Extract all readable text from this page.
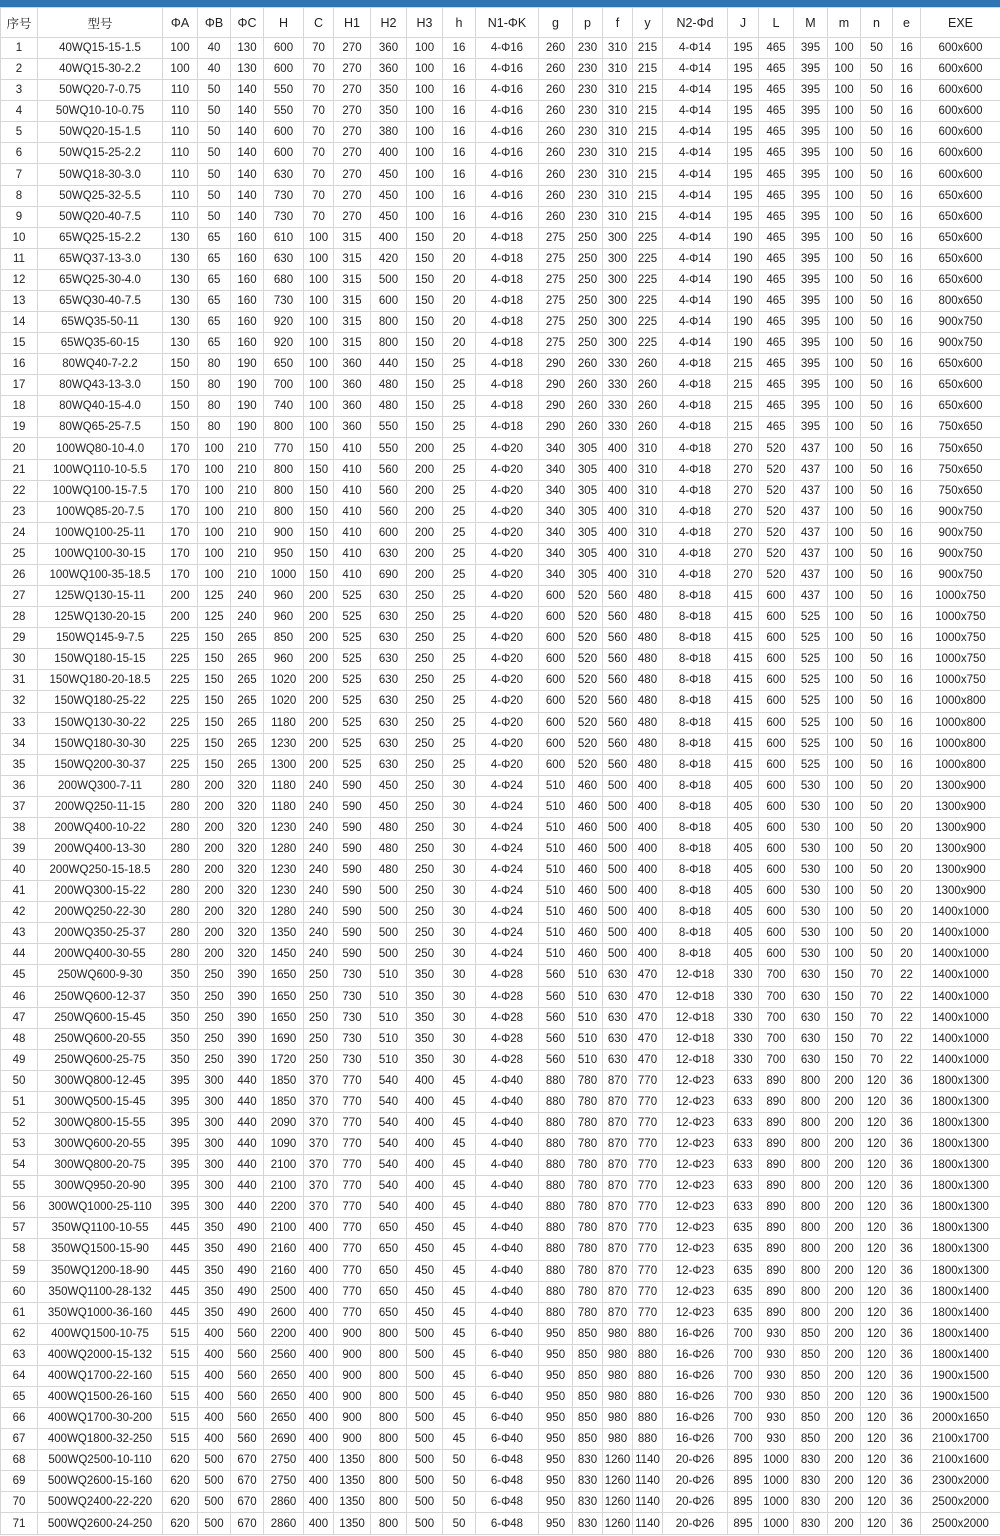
序号	型号	ΦA	ΦB	ΦC	H	C	H1	H2	H3	h	N1-ΦK	g	p	f	y	N2-Φd	J	L	M	m	n	e	EXE
1	40WQ15-15-1.5	100	40	130	600	70	270	360	100	16	4-Φ16	260	230	310	215	4-Φ14	195	465	395	100	50	16	600x600
2	40WQ15-30-2.2	100	40	130	600	70	270	360	100	16	4-Φ16	260	230	310	215	4-Φ14	195	465	395	100	50	16	600x600
3	50WQ20-7-0.75	110	50	140	550	70	270	350	100	16	4-Φ16	260	230	310	215	4-Φ14	195	465	395	100	50	16	600x600
4	50WQ10-10-0.75	110	50	140	550	70	270	350	100	16	4-Φ16	260	230	310	215	4-Φ14	195	465	395	100	50	16	600x600
5	50WQ20-15-1.5	110	50	140	600	70	270	380	100	16	4-Φ16	260	230	310	215	4-Φ14	195	465	395	100	50	16	600x600
6	50WQ15-25-2.2	110	50	140	600	70	270	400	100	16	4-Φ16	260	230	310	215	4-Φ14	195	465	395	100	50	16	600x600
7	50WQ18-30-3.0	110	50	140	630	70	270	450	100	16	4-Φ16	260	230	310	215	4-Φ14	195	465	395	100	50	16	600x600
8	50WQ25-32-5.5	110	50	140	730	70	270	450	100	16	4-Φ16	260	230	310	215	4-Φ14	195	465	395	100	50	16	650x600
9	50WQ20-40-7.5	110	50	140	730	70	270	450	100	16	4-Φ16	260	230	310	215	4-Φ14	195	465	395	100	50	16	650x600
10	65WQ25-15-2.2	130	65	160	610	100	315	400	150	20	4-Φ18	275	250	300	225	4-Φ14	190	465	395	100	50	16	650x600
11	65WQ37-13-3.0	130	65	160	630	100	315	420	150	20	4-Φ18	275	250	300	225	4-Φ14	190	465	395	100	50	16	650x600
12	65WQ25-30-4.0	130	65	160	680	100	315	500	150	20	4-Φ18	275	250	300	225	4-Φ14	190	465	395	100	50	16	650x600
13	65WQ30-40-7.5	130	65	160	730	100	315	600	150	20	4-Φ18	275	250	300	225	4-Φ14	190	465	395	100	50	16	800x650
14	65WQ35-50-11	130	65	160	920	100	315	800	150	20	4-Φ18	275	250	300	225	4-Φ14	190	465	395	100	50	16	900x750
15	65WQ35-60-15	130	65	160	920	100	315	800	150	20	4-Φ18	275	250	300	225	4-Φ14	190	465	395	100	50	16	900x750
16	80WQ40-7-2.2	150	80	190	650	100	360	440	150	25	4-Φ18	290	260	330	260	4-Φ18	215	465	395	100	50	16	650x600
17	80WQ43-13-3.0	150	80	190	700	100	360	480	150	25	4-Φ18	290	260	330	260	4-Φ18	215	465	395	100	50	16	650x600
18	80WQ40-15-4.0	150	80	190	740	100	360	480	150	25	4-Φ18	290	260	330	260	4-Φ18	215	465	395	100	50	16	650x600
19	80WQ65-25-7.5	150	80	190	800	100	360	550	150	25	4-Φ18	290	260	330	260	4-Φ18	215	465	395	100	50	16	750x650
20	100WQ80-10-4.0	170	100	210	770	150	410	550	200	25	4-Φ20	340	305	400	310	4-Φ18	270	520	437	100	50	16	750x650
21	100WQ110-10-5.5	170	100	210	800	150	410	560	200	25	4-Φ20	340	305	400	310	4-Φ18	270	520	437	100	50	16	750x650
22	100WQ100-15-7.5	170	100	210	800	150	410	560	200	25	4-Φ20	340	305	400	310	4-Φ18	270	520	437	100	50	16	750x650
23	100WQ85-20-7.5	170	100	210	800	150	410	560	200	25	4-Φ20	340	305	400	310	4-Φ18	270	520	437	100	50	16	900x750
24	100WQ100-25-11	170	100	210	900	150	410	600	200	25	4-Φ20	340	305	400	310	4-Φ18	270	520	437	100	50	16	900x750
25	100WQ100-30-15	170	100	210	950	150	410	630	200	25	4-Φ20	340	305	400	310	4-Φ18	270	520	437	100	50	16	900x750
26	100WQ100-35-18.5	170	100	210	1000	150	410	690	200	25	4-Φ20	340	305	400	310	4-Φ18	270	520	437	100	50	16	900x750
27	125WQ130-15-11	200	125	240	960	200	525	630	250	25	4-Φ20	600	520	560	480	8-Φ18	415	600	437	100	50	16	1000x750
28	125WQ130-20-15	200	125	240	960	200	525	630	250	25	4-Φ20	600	520	560	480	8-Φ18	415	600	525	100	50	16	1000x750
29	150WQ145-9-7.5	225	150	265	850	200	525	630	250	25	4-Φ20	600	520	560	480	8-Φ18	415	600	525	100	50	16	1000x750
30	150WQ180-15-15	225	150	265	960	200	525	630	250	25	4-Φ20	600	520	560	480	8-Φ18	415	600	525	100	50	16	1000x750
31	150WQ180-20-18.5	225	150	265	1020	200	525	630	250	25	4-Φ20	600	520	560	480	8-Φ18	415	600	525	100	50	16	1000x750
32	150WQ180-25-22	225	150	265	1020	200	525	630	250	25	4-Φ20	600	520	560	480	8-Φ18	415	600	525	100	50	16	1000x800
33	150WQ130-30-22	225	150	265	1180	200	525	630	250	25	4-Φ20	600	520	560	480	8-Φ18	415	600	525	100	50	16	1000x800
34	150WQ180-30-30	225	150	265	1230	200	525	630	250	25	4-Φ20	600	520	560	480	8-Φ18	415	600	525	100	50	16	1000x800
35	150WQ200-30-37	225	150	265	1300	200	525	630	250	25	4-Φ20	600	520	560	480	8-Φ18	415	600	525	100	50	16	1000x800
36	200WQ300-7-11	280	200	320	1180	240	590	450	250	30	4-Φ24	510	460	500	400	8-Φ18	405	600	530	100	50	20	1300x900
37	200WQ250-11-15	280	200	320	1180	240	590	450	250	30	4-Φ24	510	460	500	400	8-Φ18	405	600	530	100	50	20	1300x900
38	200WQ400-10-22	280	200	320	1230	240	590	480	250	30	4-Φ24	510	460	500	400	8-Φ18	405	600	530	100	50	20	1300x900
39	200WQ400-13-30	280	200	320	1280	240	590	480	250	30	4-Φ24	510	460	500	400	8-Φ18	405	600	530	100	50	20	1300x900
40	200WQ250-15-18.5	280	200	320	1230	240	590	480	250	30	4-Φ24	510	460	500	400	8-Φ18	405	600	530	100	50	20	1300x900
41	200WQ300-15-22	280	200	320	1230	240	590	500	250	30	4-Φ24	510	460	500	400	8-Φ18	405	600	530	100	50	20	1300x900
42	200WQ250-22-30	280	200	320	1280	240	590	500	250	30	4-Φ24	510	460	500	400	8-Φ18	405	600	530	100	50	20	1400x1000
43	200WQ350-25-37	280	200	320	1350	240	590	500	250	30	4-Φ24	510	460	500	400	8-Φ18	405	600	530	100	50	20	1400x1000
44	200WQ400-30-55	280	200	320	1450	240	590	500	250	30	4-Φ24	510	460	500	400	8-Φ18	405	600	530	100	50	20	1400x1000
45	250WQ600-9-30	350	250	390	1650	250	730	510	350	30	4-Φ28	560	510	630	470	12-Φ18	330	700	630	150	70	22	1400x1000
46	250WQ600-12-37	350	250	390	1650	250	730	510	350	30	4-Φ28	560	510	630	470	12-Φ18	330	700	630	150	70	22	1400x1000
47	250WQ600-15-45	350	250	390	1650	250	730	510	350	30	4-Φ28	560	510	630	470	12-Φ18	330	700	630	150	70	22	1400x1000
48	250WQ600-20-55	350	250	390	1690	250	730	510	350	30	4-Φ28	560	510	630	470	12-Φ18	330	700	630	150	70	22	1400x1000
49	250WQ600-25-75	350	250	390	1720	250	730	510	350	30	4-Φ28	560	510	630	470	12-Φ18	330	700	630	150	70	22	1400x1000
50	300WQ800-12-45	395	300	440	1850	370	770	540	400	45	4-Φ40	880	780	870	770	12-Φ23	633	890	800	200	120	36	1800x1300
51	300WQ500-15-45	395	300	440	1850	370	770	540	400	45	4-Φ40	880	780	870	770	12-Φ23	633	890	800	200	120	36	1800x1300
52	300WQ800-15-55	395	300	440	2090	370	770	540	400	45	4-Φ40	880	780	870	770	12-Φ23	633	890	800	200	120	36	1800x1300
53	300WQ600-20-55	395	300	440	1090	370	770	540	400	45	4-Φ40	880	780	870	770	12-Φ23	633	890	800	200	120	36	1800x1300
54	300WQ800-20-75	395	300	440	2100	370	770	540	400	45	4-Φ40	880	780	870	770	12-Φ23	633	890	800	200	120	36	1800x1300
55	300WQ950-20-90	395	300	440	2100	370	770	540	400	45	4-Φ40	880	780	870	770	12-Φ23	633	890	800	200	120	36	1800x1300
56	300WQ1000-25-110	395	300	440	2200	370	770	540	400	45	4-Φ40	880	780	870	770	12-Φ23	633	890	800	200	120	36	1800x1300
57	350WQ1100-10-55	445	350	490	2100	400	770	650	450	45	4-Φ40	880	780	870	770	12-Φ23	635	890	800	200	120	36	1800x1300
58	350WQ1500-15-90	445	350	490	2160	400	770	650	450	45	4-Φ40	880	780	870	770	12-Φ23	635	890	800	200	120	36	1800x1300
59	350WQ1200-18-90	445	350	490	2160	400	770	650	450	45	4-Φ40	880	780	870	770	12-Φ23	635	890	800	200	120	36	1800x1300
60	350WQ1100-28-132	445	350	490	2500	400	770	650	450	45	4-Φ40	880	780	870	770	12-Φ23	635	890	800	200	120	36	1800x1400
61	350WQ1000-36-160	445	350	490	2600	400	770	650	450	45	4-Φ40	880	780	870	770	12-Φ23	635	890	800	200	120	36	1800x1400
62	400WQ1500-10-75	515	400	560	2200	400	900	800	500	45	6-Φ40	950	850	980	880	16-Φ26	700	930	850	200	120	36	1800x1400
63	400WQ2000-15-132	515	400	560	2560	400	900	800	500	45	6-Φ40	950	850	980	880	16-Φ26	700	930	850	200	120	36	1800x1400
64	400WQ1700-22-160	515	400	560	2650	400	900	800	500	45	6-Φ40	950	850	980	880	16-Φ26	700	930	850	200	120	36	1900x1500
65	400WQ1500-26-160	515	400	560	2650	400	900	800	500	45	6-Φ40	950	850	980	880	16-Φ26	700	930	850	200	120	36	1900x1500
66	400WQ1700-30-200	515	400	560	2650	400	900	800	500	45	6-Φ40	950	850	980	880	16-Φ26	700	930	850	200	120	36	2000x1650
67	400WQ1800-32-250	515	400	560	2690	400	900	800	500	45	6-Φ40	950	850	980	880	16-Φ26	700	930	850	200	120	36	2100x1700
68	500WQ2500-10-110	620	500	670	2750	400	1350	800	500	50	6-Φ48	950	830	1260	1140	20-Φ26	895	1000	830	200	120	36	2100x1600
69	500WQ2600-15-160	620	500	670	2750	400	1350	800	500	50	6-Φ48	950	830	1260	1140	20-Φ26	895	1000	830	200	120	36	2300x2000
70	500WQ2400-22-220	620	500	670	2860	400	1350	800	500	50	6-Φ48	950	830	1260	1140	20-Φ26	895	1000	830	200	120	36	2500x2000
71	500WQ2600-24-250	620	500	670	2860	400	1350	800	500	50	6-Φ48	950	830	1260	1140	20-Φ26	895	1000	830	200	120	36	2500x2000
